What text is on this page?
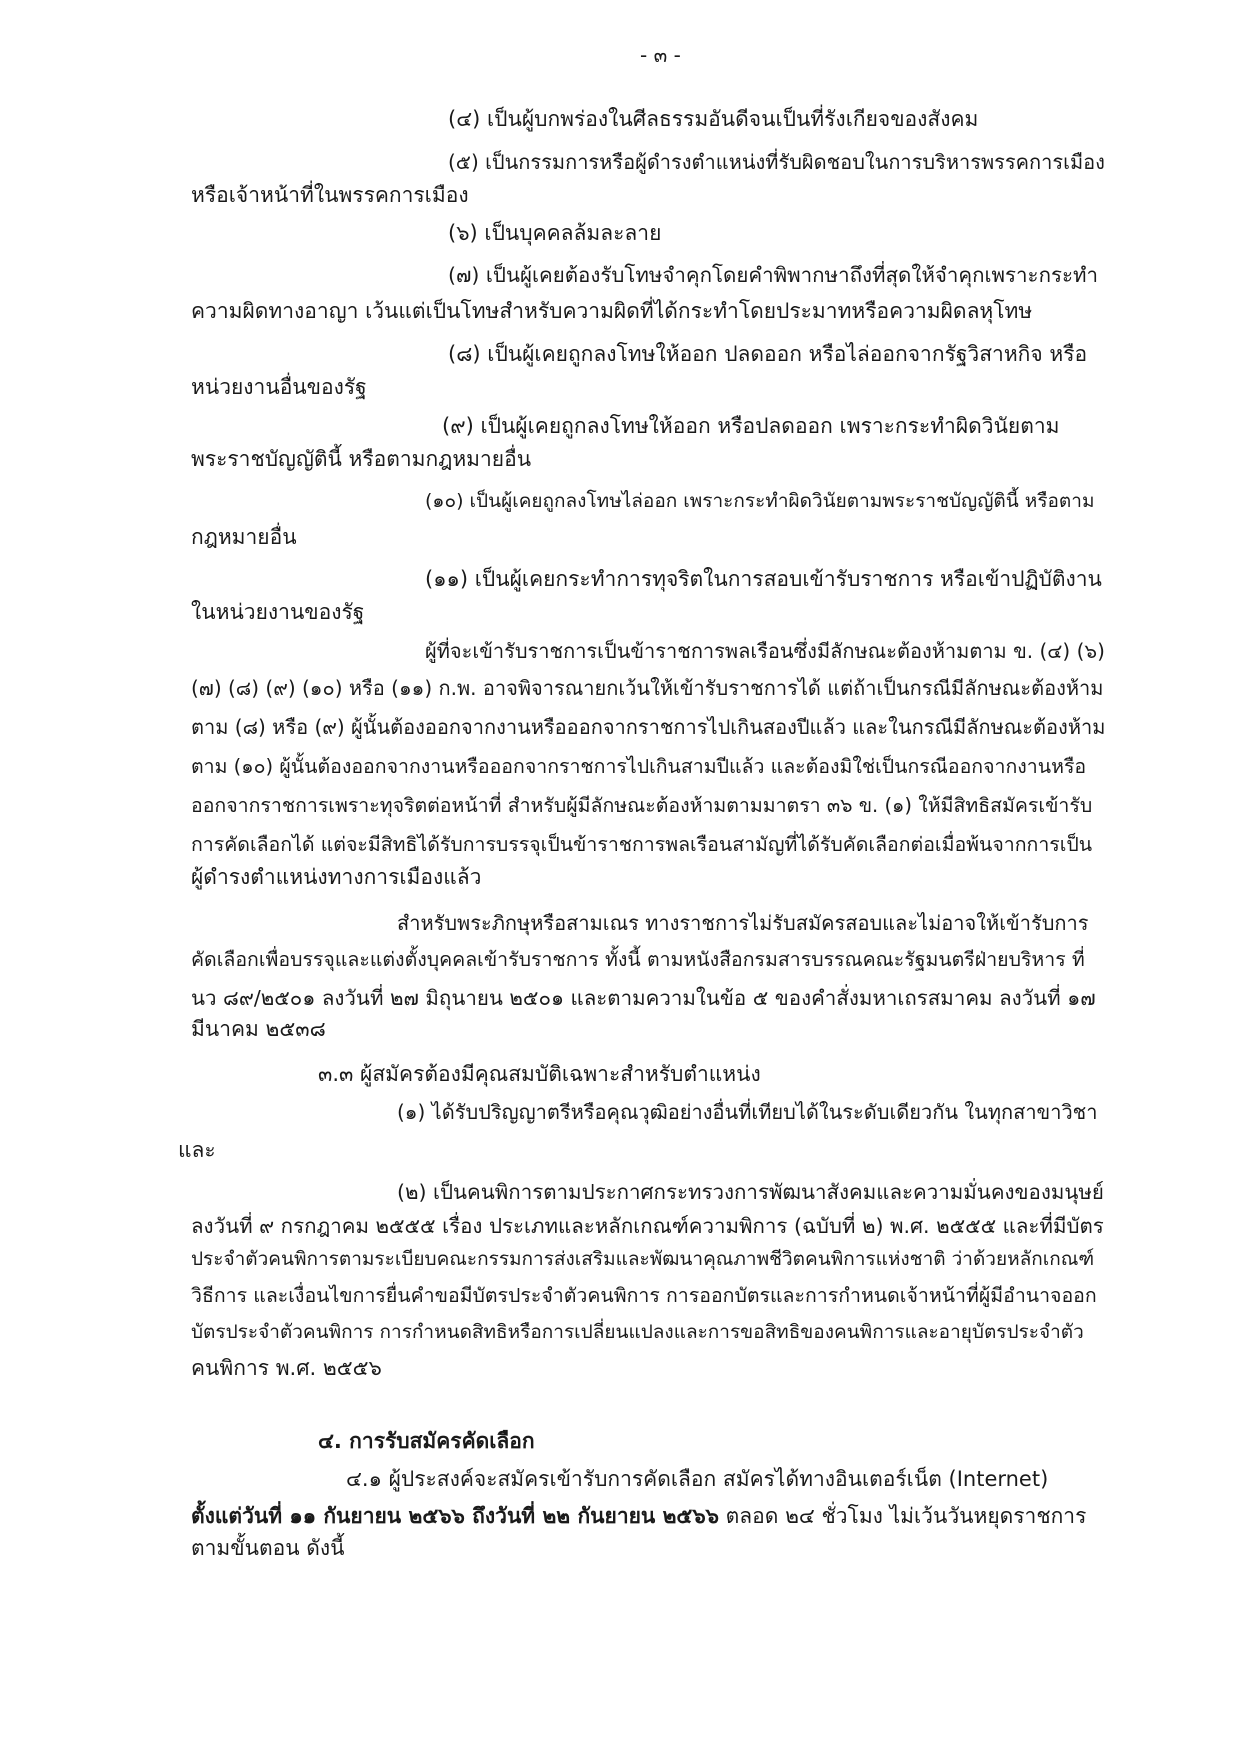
- ๓ -
(๔) เป็นผู้บกพร่องในศีลธรรมอันดีจนเป็นที่รังเกียจของสังคม
(๕) เป็นกรรมการหรือผู้ดำรงตำแหน่งที่รับผิดชอบในการบริหารพรรคการเมือง
หรือเจ้าหน้าที่ในพรรคการเมือง
(๖) เป็นบุคคลล้มละลาย
(๗) เป็นผู้เคยต้องรับโทษจำคุกโดยคำพิพากษาถึงที่สุดให้จำคุกเพราะกระทำ
ความผิดทางอาญา เว้นแต่เป็นโทษสำหรับความผิดที่ได้กระทำโดยประมาทหรือความผิดลหุโทษ
(๘) เป็นผู้เคยถูกลงโทษให้ออก ปลดออก หรือไล่ออกจากรัฐวิสาหกิจ หรือ
หน่วยงานอื่นของรัฐ
(๙) เป็นผู้เคยถูกลงโทษให้ออก หรือปลดออก เพราะกระทำผิดวินัยตาม
พระราชบัญญัตินี้ หรือตามกฎหมายอื่น
(๑๐) เป็นผู้เคยถูกลงโทษไล่ออก เพราะกระทำผิดวินัยตามพระราชบัญญัตินี้ หรือตาม
กฎหมายอื่น
(๑๑) เป็นผู้เคยกระทำการทุจริตในการสอบเข้ารับราชการ หรือเข้าปฏิบัติงาน
ในหน่วยงานของรัฐ
ผู้ที่จะเข้ารับราชการเป็นข้าราชการพลเรือนซึ่งมีลักษณะต้องห้ามตาม ข. (๔) (๖)
(๗) (๘) (๙) (๑๐) หรือ (๑๑) ก.พ. อาจพิจารณายกเว้นให้เข้ารับราชการได้ แต่ถ้าเป็นกรณีมีลักษณะต้องห้าม
ตาม (๘) หรือ (๙) ผู้นั้นต้องออกจากงานหรือออกจากราชการไปเกินสองปีแล้ว และในกรณีมีลักษณะต้องห้าม
ตาม (๑๐) ผู้นั้นต้องออกจากงานหรือออกจากราชการไปเกินสามปีแล้ว และต้องมิใช่เป็นกรณีออกจากงานหรือ
ออกจากราชการเพราะทุจริตต่อหน้าที่ สำหรับผู้มีลักษณะต้องห้ามตามมาตรา ๓๖ ข. (๑) ให้มีสิทธิสมัครเข้ารับ
การคัดเลือกได้ แต่จะมีสิทธิได้รับการบรรจุเป็นข้าราชการพลเรือนสามัญที่ได้รับคัดเลือกต่อเมื่อพ้นจากการเป็น
ผู้ดำรงตำแหน่งทางการเมืองแล้ว
สำหรับพระภิกษุหรือสามเณร ทางราชการไม่รับสมัครสอบและไม่อาจให้เข้ารับการ
คัดเลือกเพื่อบรรจุและแต่งตั้งบุคคลเข้ารับราชการ ทั้งนี้ ตามหนังสือกรมสารบรรณคณะรัฐมนตรีฝ่ายบริหาร ที่
นว ๘๙/๒๕๐๑ ลงวันที่ ๒๗ มิถุนายน ๒๕๐๑ และตามความในข้อ ๕ ของคำสั่งมหาเถรสมาคม ลงวันที่ ๑๗
มีนาคม ๒๕๓๘
๓.๓ ผู้สมัครต้องมีคุณสมบัติเฉพาะสำหรับตำแหน่ง
(๑) ได้รับปริญญาตรีหรือคุณวุฒิอย่างอื่นที่เทียบได้ในระดับเดียวกัน ในทุกสาขาวิชา
และ
(๒) เป็นคนพิการตามประกาศกระทรวงการพัฒนาสังคมและความมั่นคงของมนุษย์
ลงวันที่ ๙ กรกฎาคม ๒๕๕๕ เรื่อง ประเภทและหลักเกณฑ์ความพิการ (ฉบับที่ ๒) พ.ศ. ๒๕๕๕ และที่มีบัตร
ประจำตัวคนพิการตามระเบียบคณะกรรมการส่งเสริมและพัฒนาคุณภาพชีวิตคนพิการแห่งชาติ ว่าด้วยหลักเกณฑ์
วิธีการ และเงื่อนไขการยื่นคำขอมีบัตรประจำตัวคนพิการ การออกบัตรและการกำหนดเจ้าหน้าที่ผู้มีอำนาจออก
บัตรประจำตัวคนพิการ การกำหนดสิทธิหรือการเปลี่ยนแปลงและการขอสิทธิของคนพิการและอายุบัตรประจำตัว
คนพิการ พ.ศ. ๒๕๕๖
๔. การรับสมัครคัดเลือก
๔.๑ ผู้ประสงค์จะสมัครเข้ารับการคัดเลือก สมัครได้ทางอินเตอร์เน็ต (Internet)
ตั้งแต่วันที่ ๑๑ กันยายน ๒๕๖๖ ถึงวันที่ ๒๒ กันยายน ๒๕๖๖ ตลอด ๒๔ ชั่วโมง ไม่เว้นวันหยุดราชการ
ตามขั้นตอน ดังนี้
